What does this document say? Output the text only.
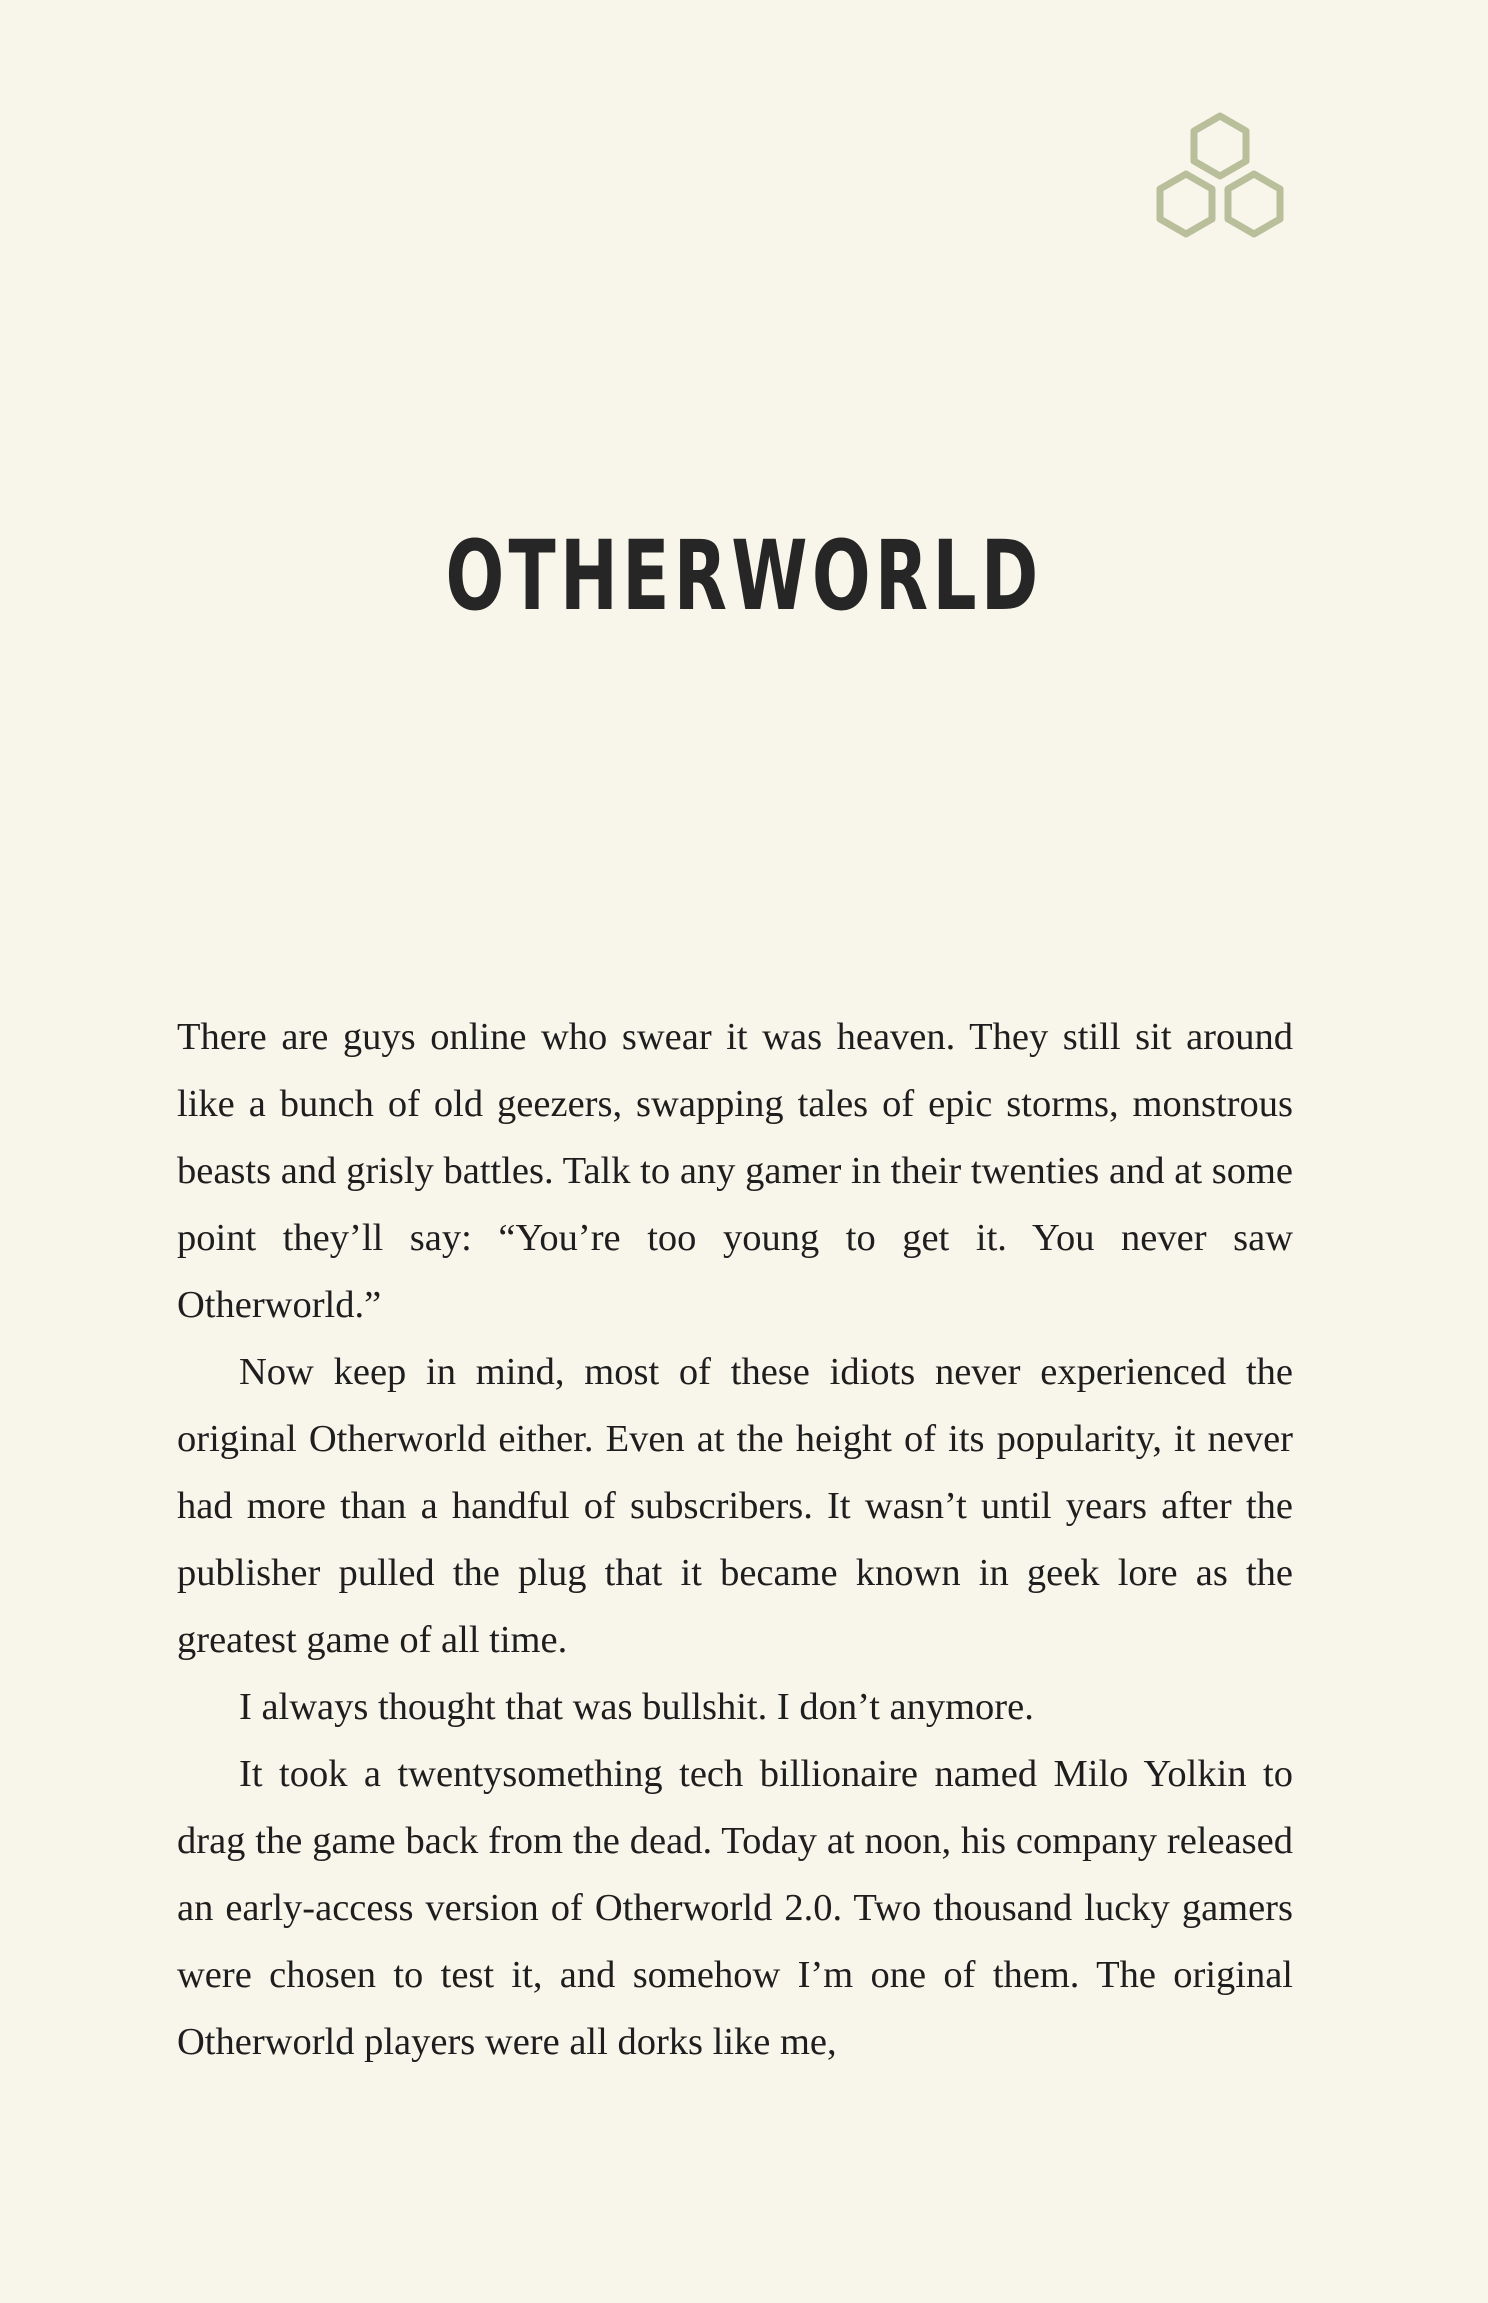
OTHERWORLD

There are guys online who swear it was heaven. They still sit around like a bunch of old geezers, swapping tales of epic storms, monstrous beasts and grisly battles. Talk to any gamer in their twenties and at some point they’ll say: “You’re too young to get it. You never saw Otherworld.”

Now keep in mind, most of these idiots never experienced the original Otherworld either. Even at the height of its popularity, it never had more than a handful of subscribers. It wasn’t until years after the publisher pulled the plug that it became known in geek lore as the greatest game of all time.

I always thought that was bullshit. I don’t anymore.

It took a twentysomething tech billionaire named Milo Yolkin to drag the game back from the dead. Today at noon, his company released an early-access version of Otherworld 2.0. Two thousand lucky gamers were chosen to test it, and somehow I’m one of them. The original Otherworld players were all dorks like me,
